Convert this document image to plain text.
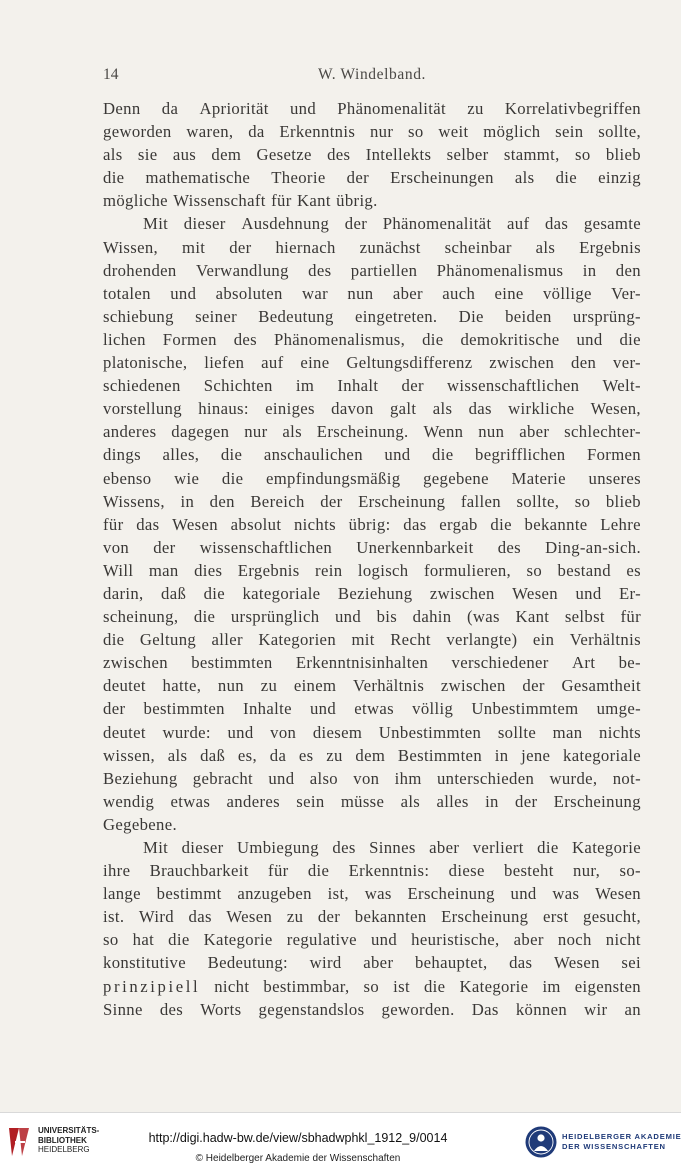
14	W. Windelband.
Denn da Apriorität und Phänomenalität zu Korrelativbegriffen
geworden waren, da Erkenntnis nur so weit möglich sein sollte,
als sie aus dem Gesetze des Intellekts selber stammt, so blieb
die mathematische Theorie der Erscheinungen als die einzig
mögliche Wissenschaft für Kant übrig.
Mit dieser Ausdehnung der Phänomenalität auf das gesamte
Wissen, mit der hiernach zunächst scheinbar als Ergebnis
drohenden Verwandlung des partiellen Phänomenalismus in den
totalen und absoluten war nun aber auch eine völlige Ver-
schiebung seiner Bedeutung eingetreten. Die beiden ursprüng-
lichen Formen des Phänomenalismus, die demokritische und die
platonische, liefen auf eine Geltungsdifferenz zwischen den ver-
schiedenen Schichten im Inhalt der wissenschaftlichen Welt-
vorstellung hinaus: einiges davon galt als das wirkliche Wesen,
anderes dagegen nur als Erscheinung. Wenn nun aber schlechter-
dings alles, die anschaulichen und die begrifflichen Formen
ebenso wie die empfindungsmäßig gegebene Materie unseres
Wissens, in den Bereich der Erscheinung fallen sollte, so blieb
für das Wesen absolut nichts übrig: das ergab die bekannte Lehre
von der wissenschaftlichen Unerkennbarkeit des Ding-an-sich.
Will man dies Ergebnis rein logisch formulieren, so bestand es
darin, daß die kategoriale Beziehung zwischen Wesen und Er-
scheinung, die ursprünglich und bis dahin (was Kant selbst für
die Geltung aller Kategorien mit Recht verlangte) ein Verhältnis
zwischen bestimmten Erkenntnisinhalten verschiedener Art be-
deutet hatte, nun zu einem Verhältnis zwischen der Gesamtheit
der bestimmten Inhalte und etwas völlig Unbestimmtem umge-
deutet wurde: und von diesem Unbestimmten sollte man nichts
wissen, als daß es, da es zu dem Bestimmten in jene kategoriale
Beziehung gebracht und also von ihm unterschieden wurde, not-
wendig etwas anderes sein müsse als alles in der Erscheinung
Gegebene.
Mit dieser Umbiegung des Sinnes aber verliert die Kategorie
ihre Brauchbarkeit für die Erkenntnis: diese besteht nur, so-
lange bestimmt anzugeben ist, was Erscheinung und was Wesen
ist. Wird das Wesen zu der bekannten Erscheinung erst gesucht,
so hat die Kategorie regulative und heuristische, aber noch nicht
konstitutive Bedeutung: wird aber behauptet, das Wesen sei
prinzipiell nicht bestimmbar, so ist die Kategorie im eigensten
Sinne des Worts gegenstandslos geworden. Das können wir an
UNIVERSITÄTS-
BIBLIOTHEK
HEIDELBERG
http://digi.hadw-bw.de/view/sbhadwphkl_1912_9/0014
© Heidelberger Akademie der Wissenschaften
HEIDELBERGER AKADEMIE
DER WISSENSCHAFTEN
